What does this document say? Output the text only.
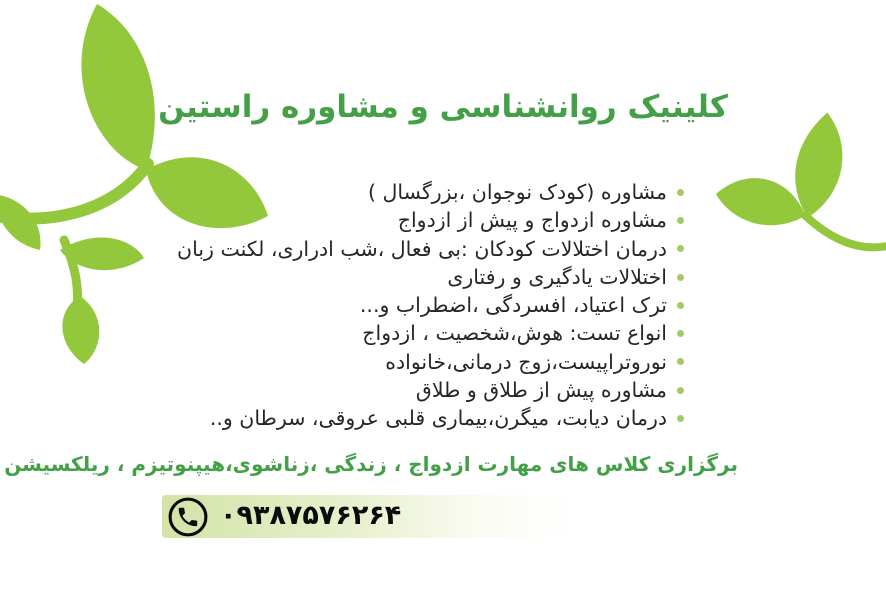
کلینیک روانشناسی و مشاوره راستین
مشاوره (کودک نوجوان ،بزرگسال )
مشاوره ازدواج و پیش از ازدواج
درمان اختلالات کودکان :بی فعال ،شب ادراری، لکنت زبان
اختلالات یادگیری و رفتاری
ترک اعتیاد، افسردگی ،اضطراب و...
انواع تست: هوش،شخصیت ، ازدواج
نوروتراپیست،زوج درمانی،خانواده
مشاوره پیش از طلاق و طلاق
درمان دیابت، میگرن،بیماری قلبی عروقی، سرطان و..
برگزاری کلاس های مهارت ازدواج ، زندگی ،زناشوی،هیپنوتیزم ، ریلکسیشن
۰۹۳۸۷۵۷۶۲۶۴
